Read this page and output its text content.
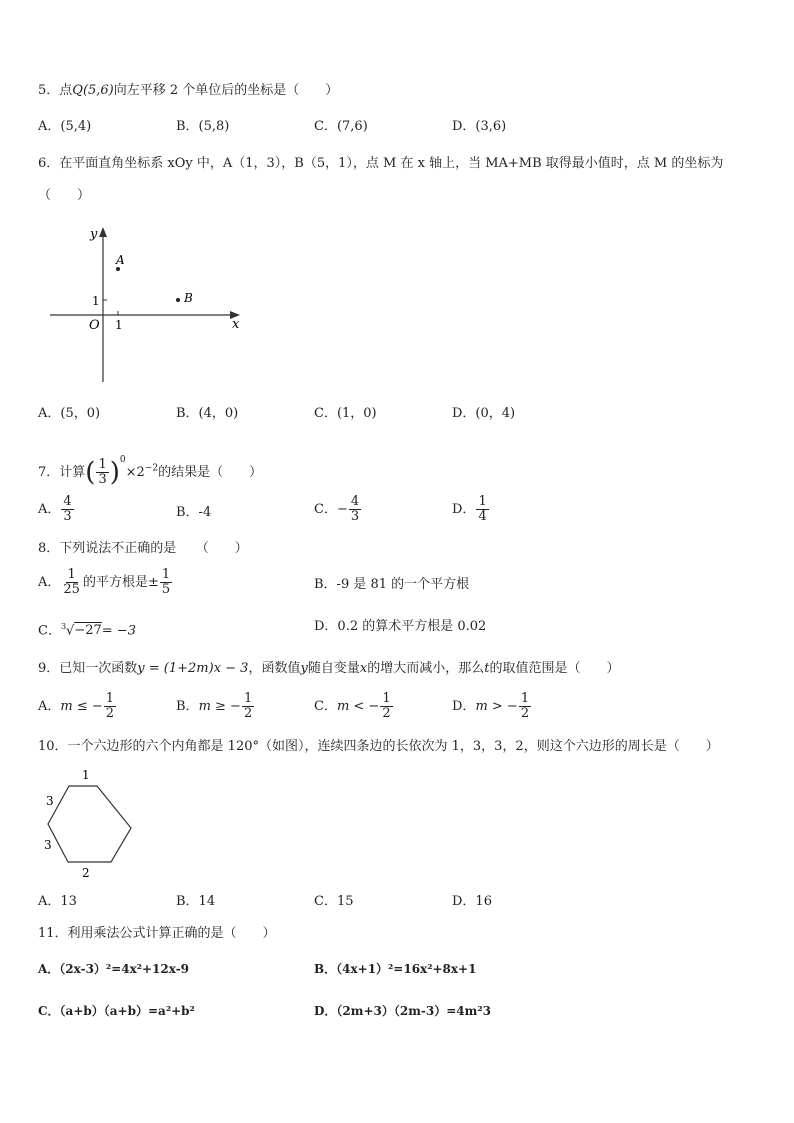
5．点Q(5,6)向左平移 2 个单位后的坐标是（　　）
A．(5,4)	B．(5,8)	C．(7,6)	D．(3,6)
6．在平面直角坐标系 xOy 中，A（1，3），B（5，1），点 M 在 x 轴上，当 MA+MB 取得最小值时，点 M 的坐标为
（　　）
y
x
O 1
1
A
B
A．(5，0)	B．(4，0)	C．(1，0)	D．(0，4)
7．计算( $\frac{1}{3} )^0\times 2^{-2}$的结果是（　　）
A． $\frac{4}{3}$	B．-4	C．− $\frac{4}{3}$	D． $\frac{1}{4}$
8．下列说法不正确的是　　（　　）
A． $\frac{1}{25}$ 的平方根是± $\frac{1}{5}$	B．-9 是 81 的一个平方根
C．$^3$√−27= −3	D．0.2 的算术平方根是 0.02
9．已知一次函数y = (1+2m)x − 3，函数值y随自变量x的增大而减小，那么t的取值范围是（　　）
A．m ≤ − $\frac{1}{2}$	B．m ≥ − $\frac{1}{2}$	C．m < − $\frac{1}{2}$	D．m > − $\frac{1}{2}$
10．一个六边形的六个内角都是 120°（如图），连续四条边的长依次为 1，3，3，2，则这个六边形的周长是（　　）
1
3
3
2
A．13	B．14	C．15	D．16
11．利用乘法公式计算正确的是（　　）
A．（2x-3）²=4x²+12x-9	B．（4x+1）²=16x²+8x+1
C．（a+b）（a+b）=a²+b²	D．（2m+3）（2m-3）=4m²3
